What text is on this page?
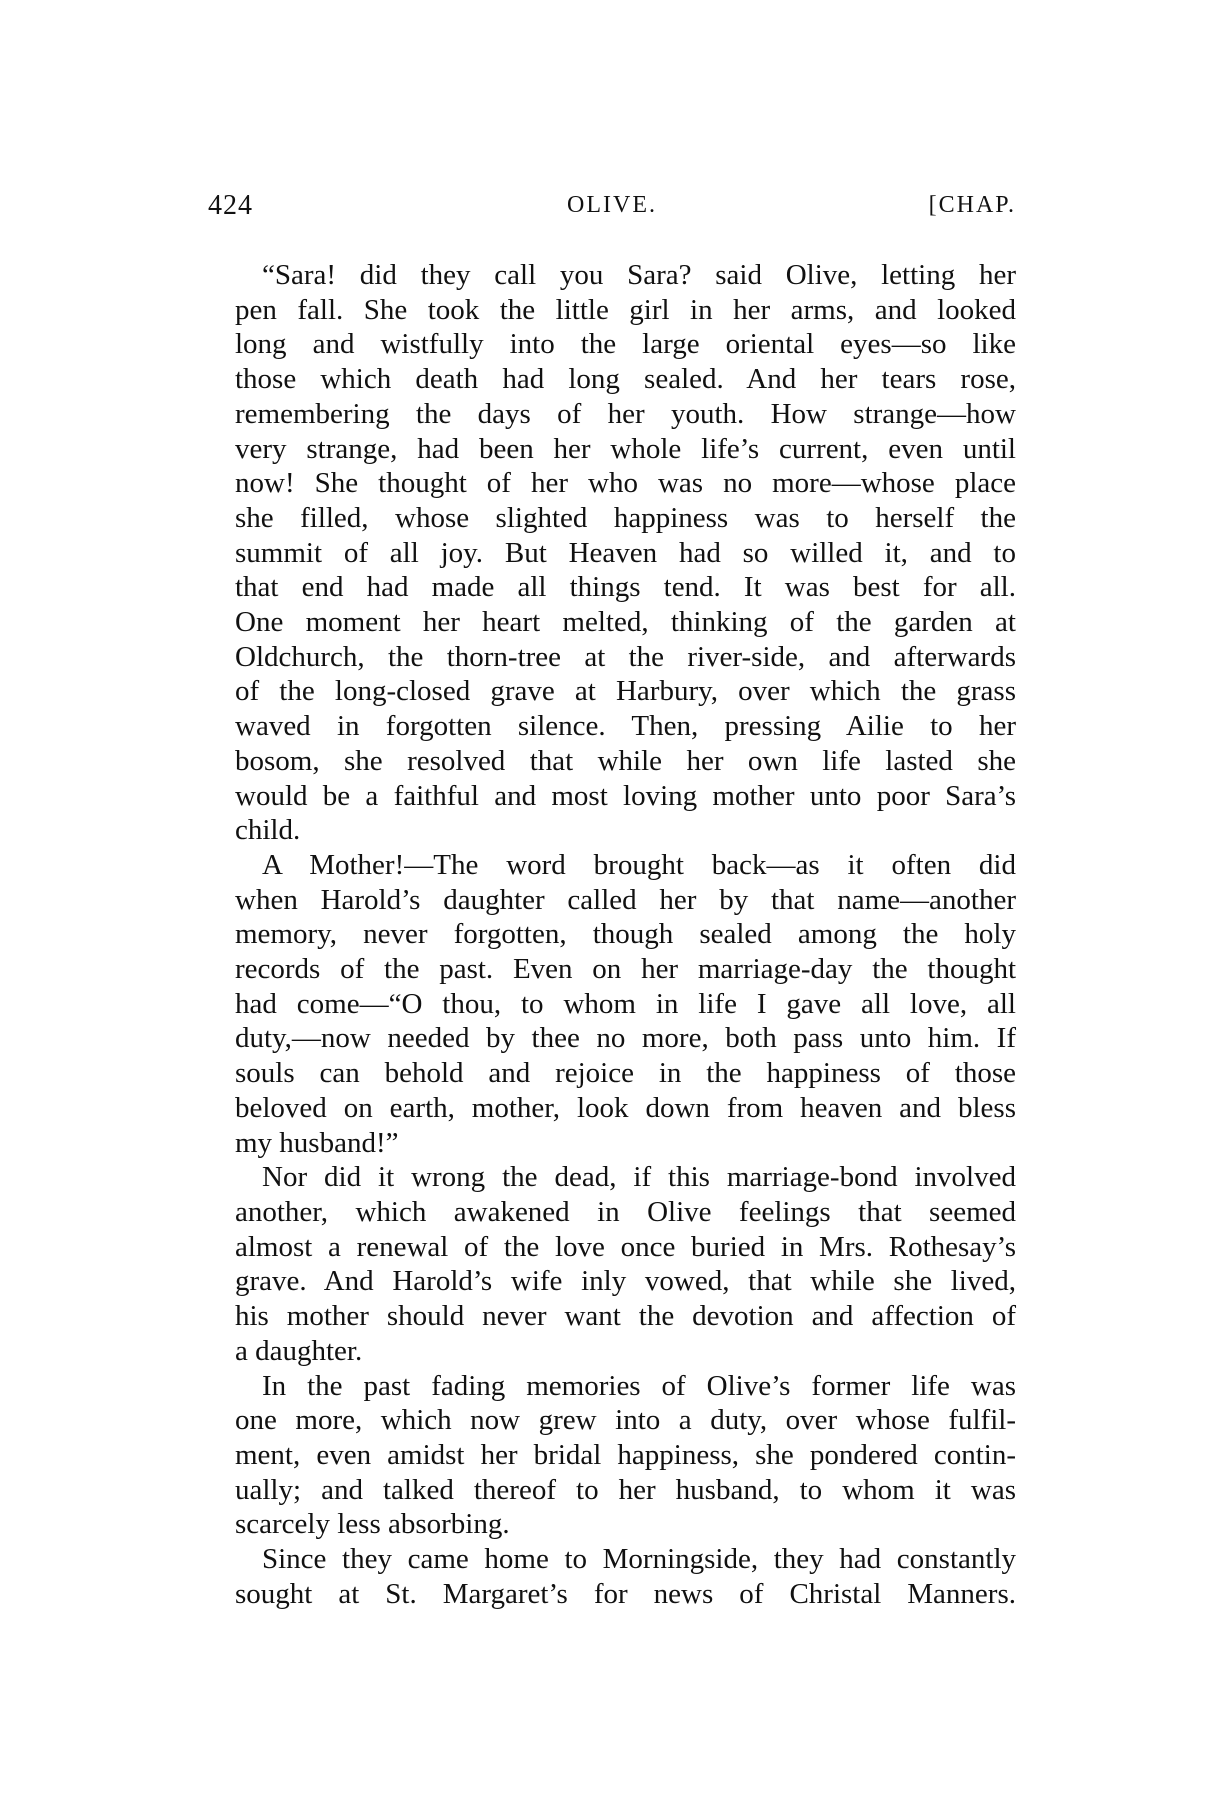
424	OLIVE.	[CHAP.
“Sara! did they call you Sara? said Olive, letting her
pen fall. She took the little girl in her arms, and looked
long and wistfully into the large oriental eyes—so like
those which death had long sealed. And her tears rose,
remembering the days of her youth. How strange—how
very strange, had been her whole life’s current, even until
now! She thought of her who was no more—whose place
she filled, whose slighted happiness was to herself the
summit of all joy. But Heaven had so willed it, and to
that end had made all things tend. It was best for all.
One moment her heart melted, thinking of the garden at
Oldchurch, the thorn-tree at the river-side, and afterwards
of the long-closed grave at Harbury, over which the grass
waved in forgotten silence. Then, pressing Ailie to her
bosom, she resolved that while her own life lasted she
would be a faithful and most loving mother unto poor Sara’s
child.
A Mother!—The word brought back—as it often did
when Harold’s daughter called her by that name—another
memory, never forgotten, though sealed among the holy
records of the past. Even on her marriage-day the thought
had come—“O thou, to whom in life I gave all love, all
duty,—now needed by thee no more, both pass unto him. If
souls can behold and rejoice in the happiness of those
beloved on earth, mother, look down from heaven and bless
my husband!”
Nor did it wrong the dead, if this marriage-bond involved
another, which awakened in Olive feelings that seemed
almost a renewal of the love once buried in Mrs. Rothesay’s
grave. And Harold’s wife inly vowed, that while she lived,
his mother should never want the devotion and affection of
a daughter.
In the past fading memories of Olive’s former life was
one more, which now grew into a duty, over whose fulfil-
ment, even amidst her bridal happiness, she pondered contin-
ually; and talked thereof to her husband, to whom it was
scarcely less absorbing.
Since they came home to Morningside, they had constantly
sought at St. Margaret’s for news of Christal Manners.
